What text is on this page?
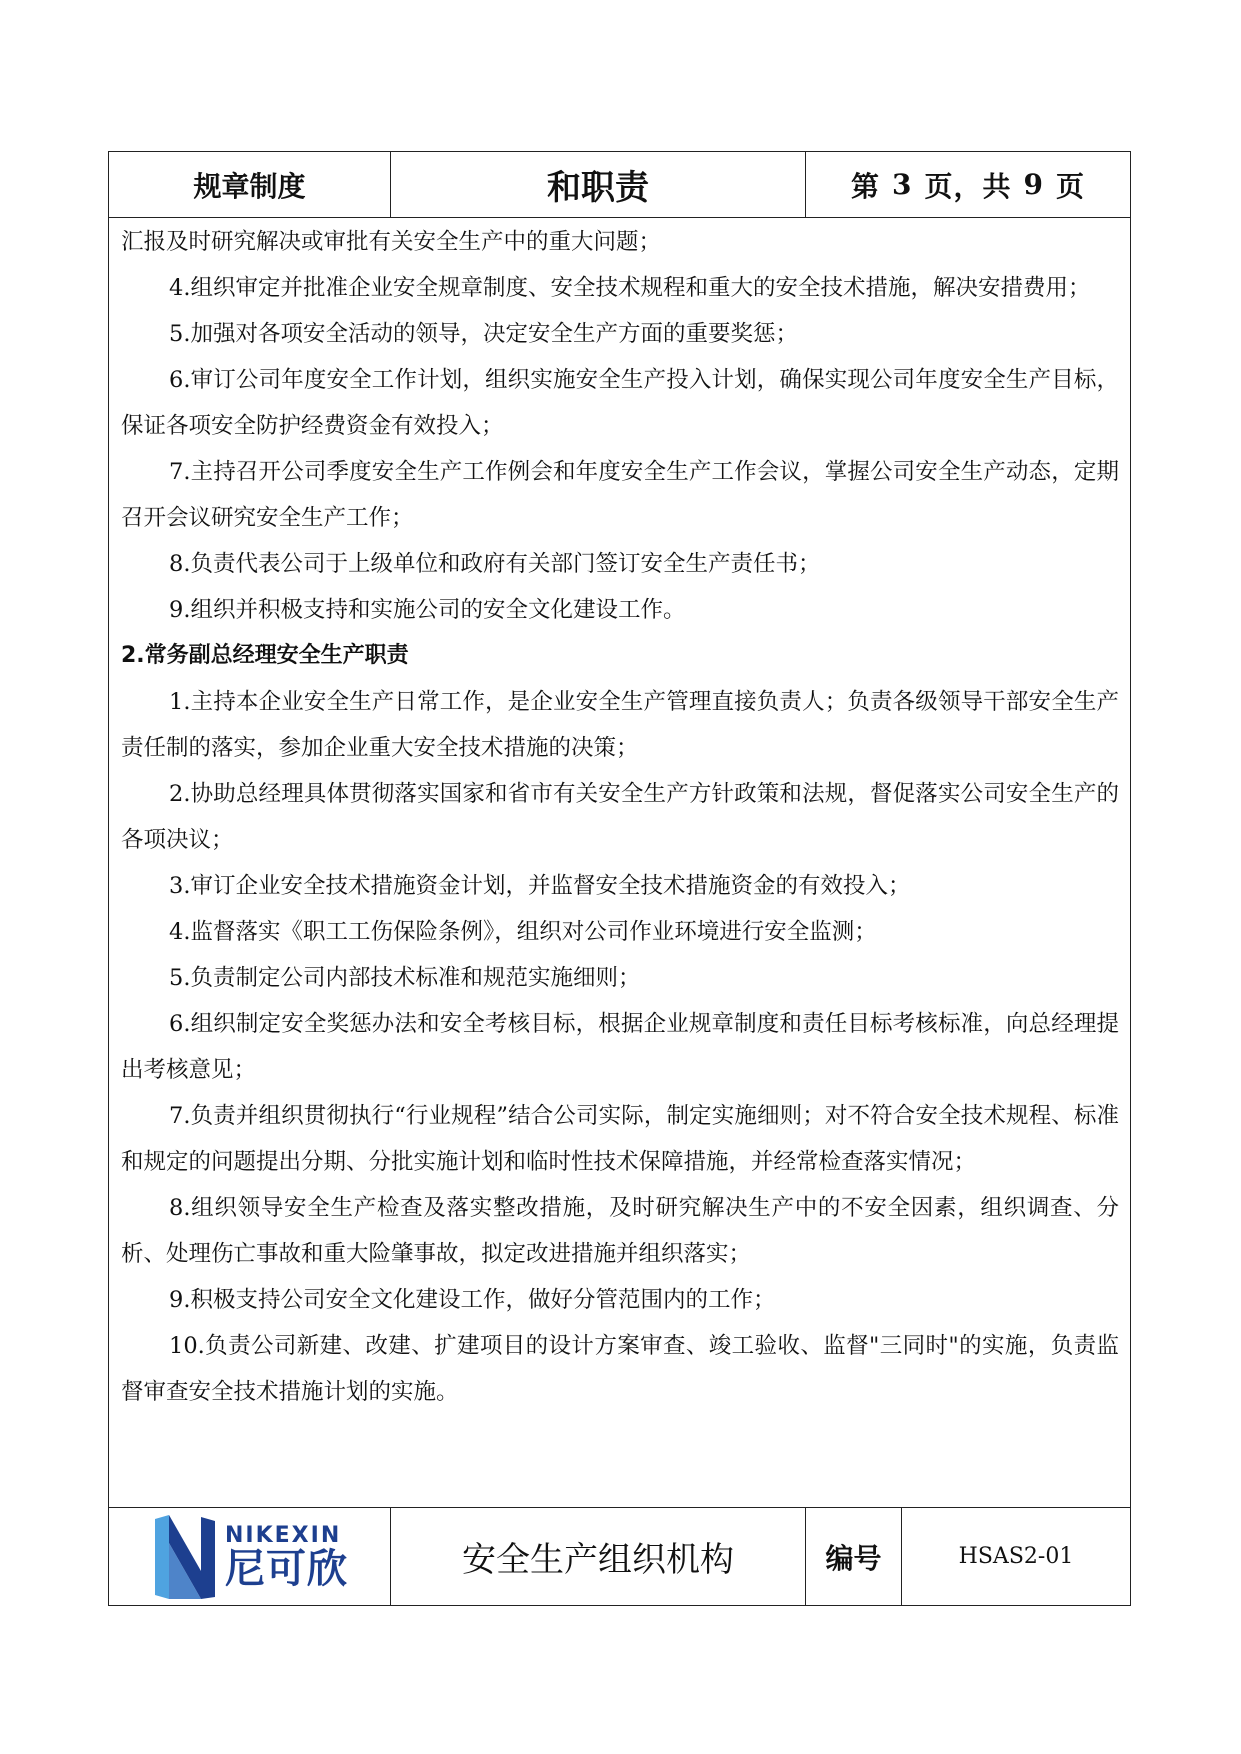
规章制度	和职责	第 3 页，共 9 页

汇报及时研究解决或审批有关安全生产中的重大问题；

4.组织审定并批准企业安全规章制度、安全技术规程和重大的安全技术措施，解决安措费用；

5.加强对各项安全活动的领导，决定安全生产方面的重要奖惩；

6.审订公司年度安全工作计划，组织实施安全生产投入计划，确保实现公司年度安全生产目标，保证各项安全防护经费资金有效投入；

7.主持召开公司季度安全生产工作例会和年度安全生产工作会议，掌握公司安全生产动态，定期召开会议研究安全生产工作；

8.负责代表公司于上级单位和政府有关部门签订安全生产责任书；

9.组织并积极支持和实施公司的安全文化建设工作。

2.常务副总经理安全生产职责

1.主持本企业安全生产日常工作，是企业安全生产管理直接负责人；负责各级领导干部安全生产责任制的落实，参加企业重大安全技术措施的决策；

2.协助总经理具体贯彻落实国家和省市有关安全生产方针政策和法规，督促落实公司安全生产的各项决议；

3.审订企业安全技术措施资金计划，并监督安全技术措施资金的有效投入；

4.监督落实《职工工伤保险条例》，组织对公司作业环境进行安全监测；

5.负责制定公司内部技术标准和规范实施细则；

6.组织制定安全奖惩办法和安全考核目标，根据企业规章制度和责任目标考核标准，向总经理提出考核意见；

7.负责并组织贯彻执行“行业规程”结合公司实际，制定实施细则；对不符合安全技术规程、标准和规定的问题提出分期、分批实施计划和临时性技术保障措施，并经常检查落实情况；

8.组织领导安全生产检查及落实整改措施，及时研究解决生产中的不安全因素，组织调查、分析、处理伤亡事故和重大险肇事故，拟定改进措施并组织落实；

9.积极支持公司安全文化建设工作，做好分管范围内的工作；

10.负责公司新建、改建、扩建项目的设计方案审查、竣工验收、监督"三同时"的实施，负责监督审查安全技术措施计划的实施。

NIKEXIN
尼可欣	安全生产组织机构	编号	HSAS2-01
